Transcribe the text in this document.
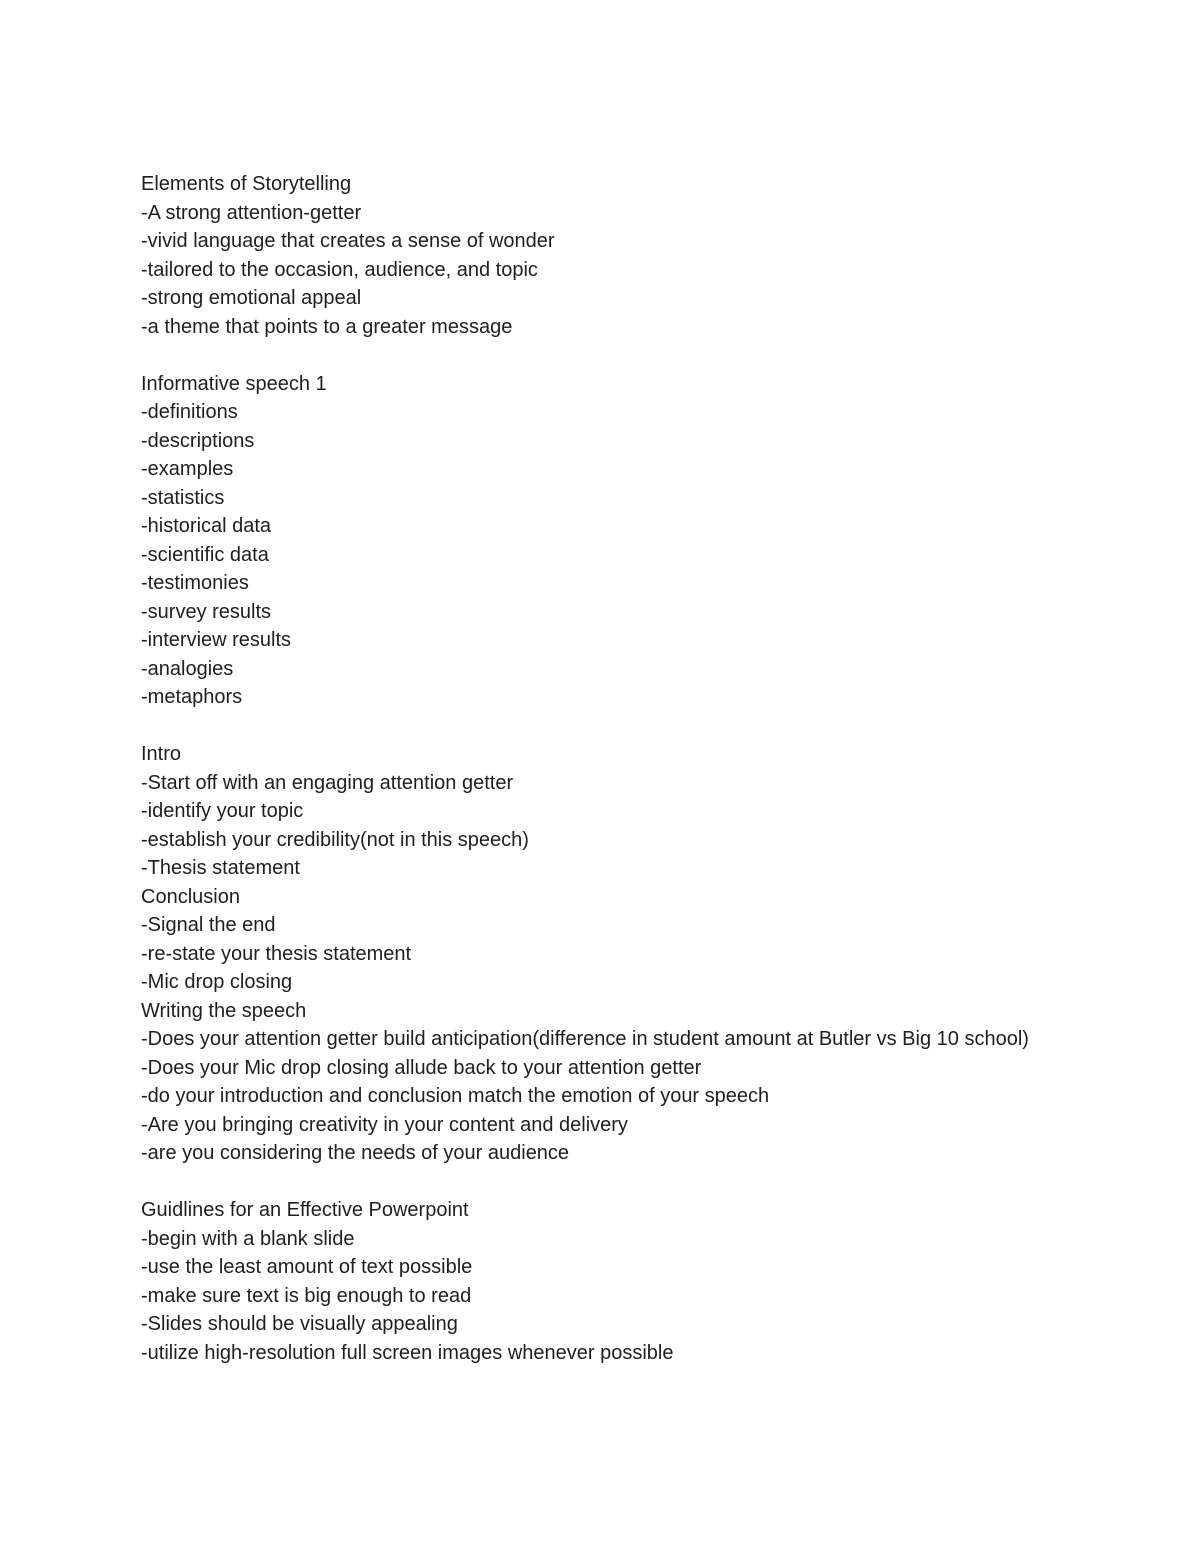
Elements of Storytelling
-A strong attention-getter
-vivid language that creates a sense of wonder
-tailored to the occasion, audience, and topic
-strong emotional appeal
-a theme that points to a greater message
Informative speech 1
-definitions
-descriptions
-examples
-statistics
-historical data
-scientific data
-testimonies
-survey results
-interview results
-analogies
-metaphors
Intro
-Start off with an engaging attention getter
-identify your topic
-establish your credibility(not in this speech)
-Thesis statement
Conclusion
-Signal the end
-re-state your thesis statement
-Mic drop closing
Writing the speech
-Does your attention getter build anticipation(difference in student amount at Butler vs Big 10 school)
-Does your Mic drop closing allude back to your attention getter
-do your introduction and conclusion match the emotion of your speech
-Are you bringing creativity in your content and delivery
-are you considering the needs of your audience
Guidlines for an Effective Powerpoint
-begin with a blank slide
-use the least amount of text possible
-make sure text is big enough to read
-Slides should be visually appealing
-utilize high-resolution full screen images whenever possible
